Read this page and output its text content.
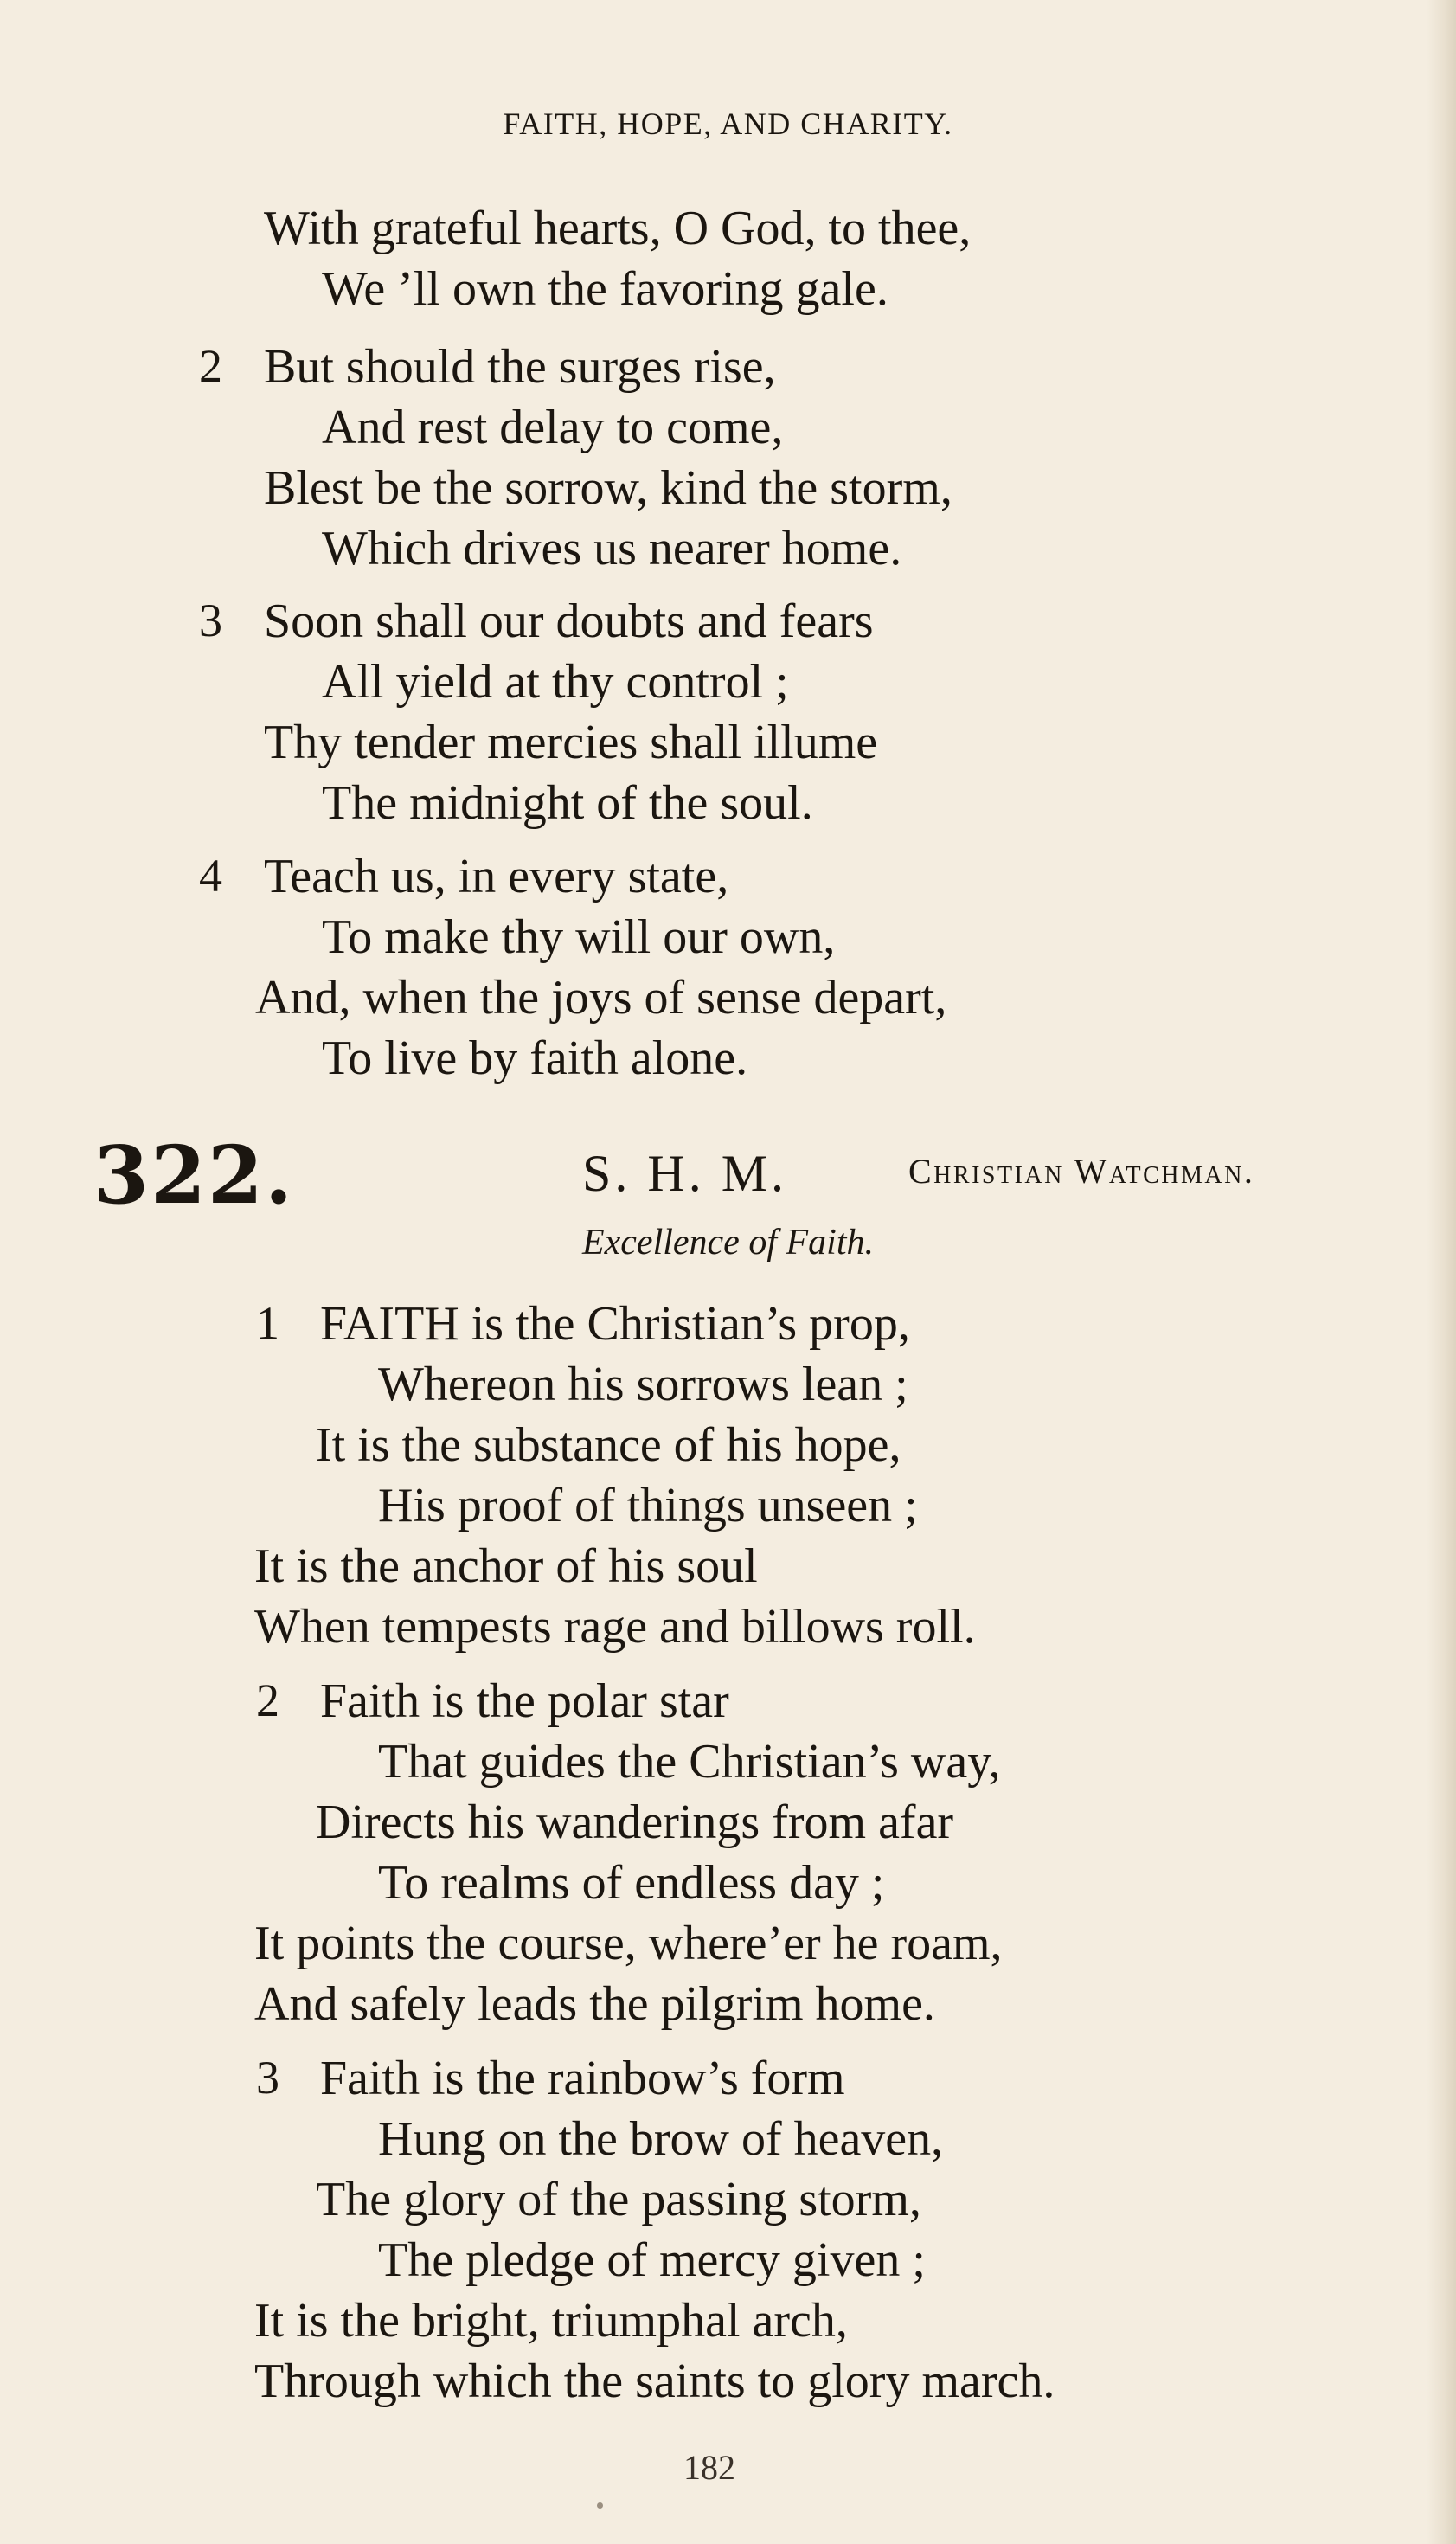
FAITH, HOPE, AND CHARITY.
With grateful hearts, O God, to thee,
We ’ll own the favoring gale.
2 But should the surges rise,
And rest delay to come,
Blest be the sorrow, kind the storm,
Which drives us nearer home.
3 Soon shall our doubts and fears
All yield at thy control ;
Thy tender mercies shall illume
The midnight of the soul.
4 Teach us, in every state,
To make thy will our own,
And, when the joys of sense depart,
To live by faith alone.
322.	S. H. M.	Christian Watchman.
Excellence of Faith.
1 FAITH is the Christian’s prop,
Whereon his sorrows lean ;
It is the substance of his hope,
His proof of things unseen ;
It is the anchor of his soul
When tempests rage and billows roll.
2 Faith is the polar star
That guides the Christian’s way,
Directs his wanderings from afar
To realms of endless day ;
It points the course, where’er he roam,
And safely leads the pilgrim home.
3 Faith is the rainbow’s form
Hung on the brow of heaven,
The glory of the passing storm,
The pledge of mercy given ;
It is the bright, triumphal arch,
Through which the saints to glory march.
182
